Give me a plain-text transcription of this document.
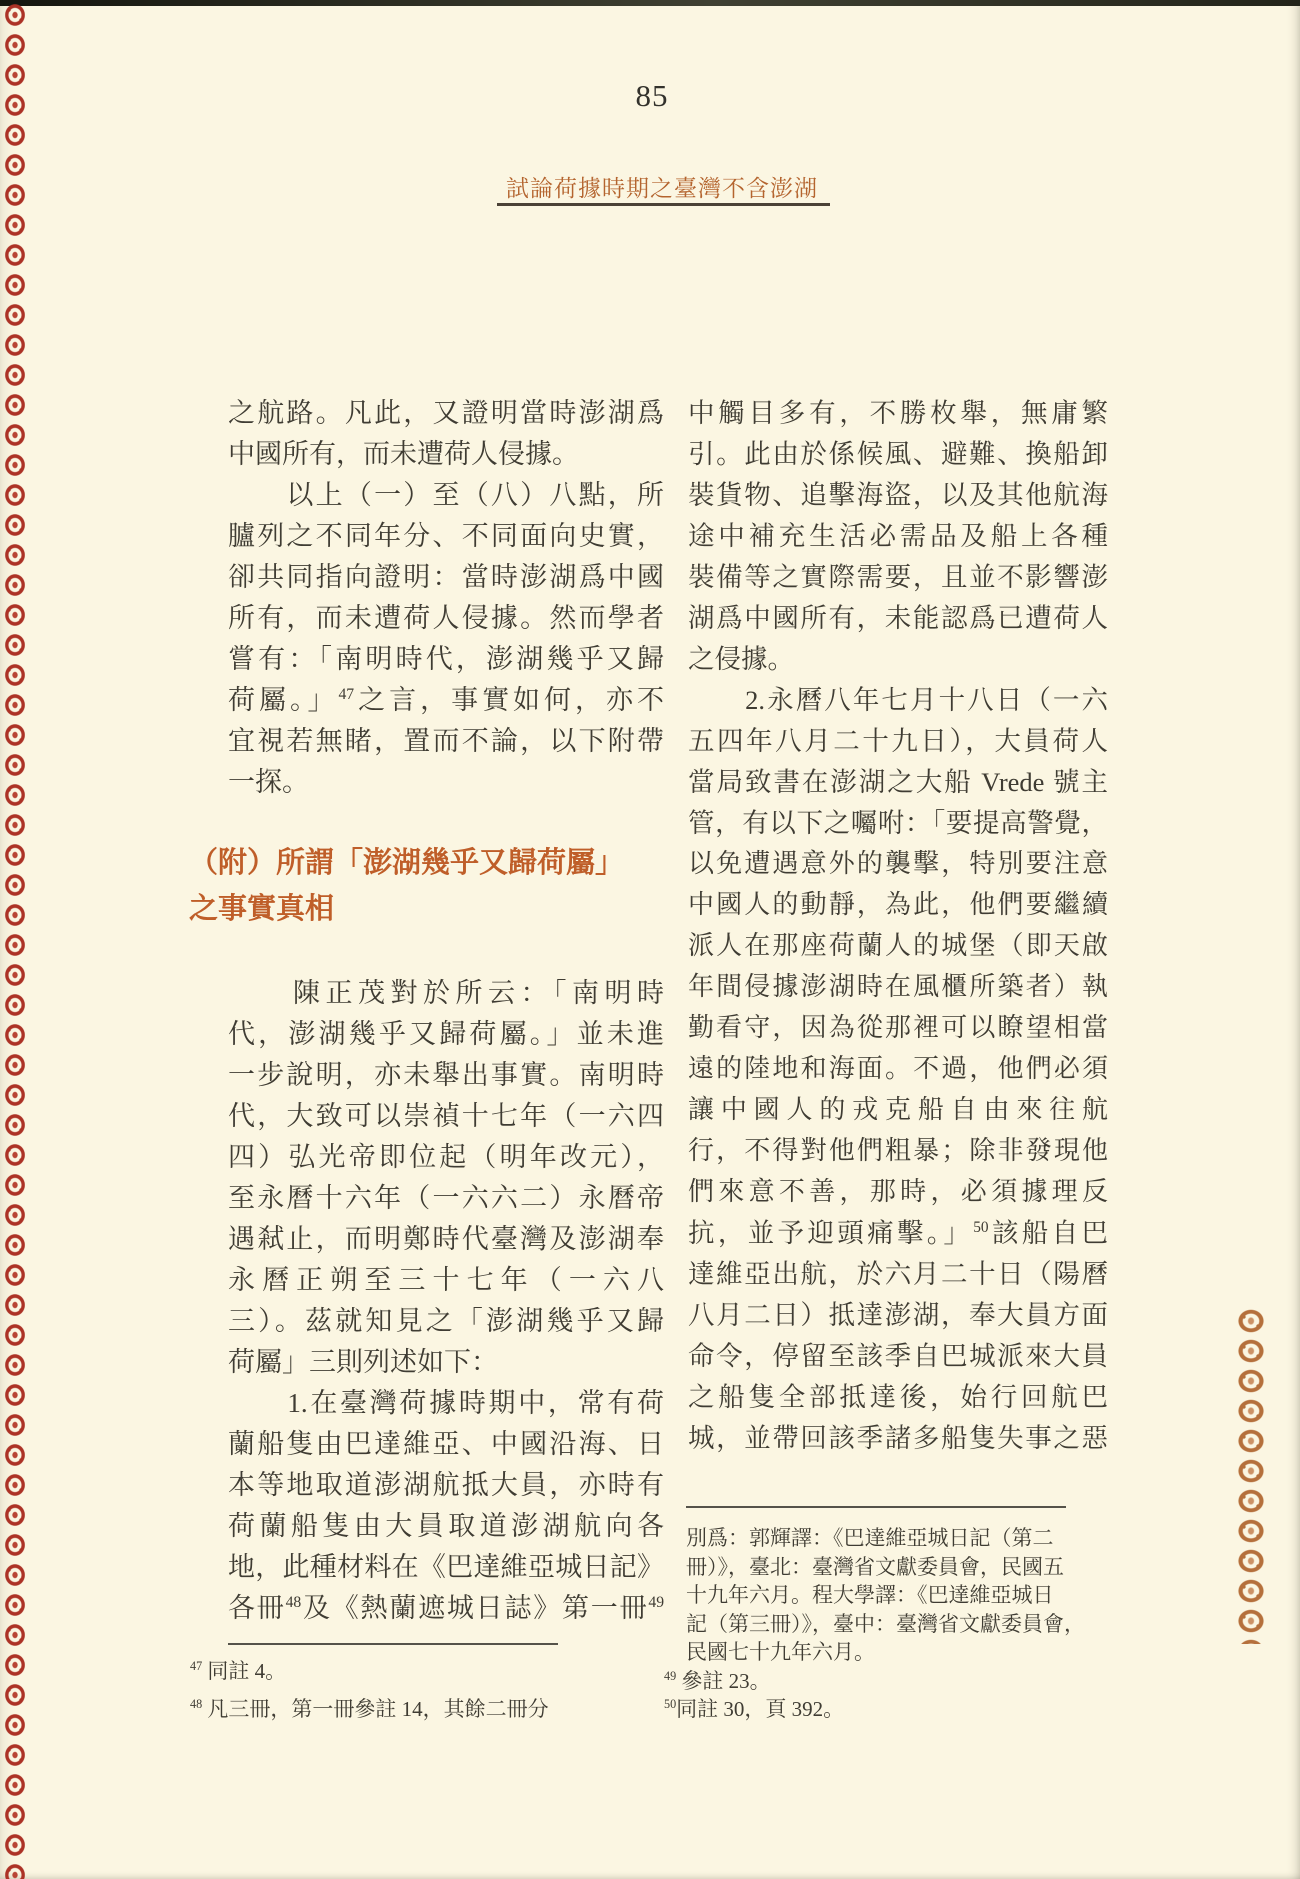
85
試論荷據時期之臺灣不含澎湖
之航路。凡此，又證明當時澎湖爲
中國所有，而未遭荷人侵據。
　　以上（一）至（八）八點，所
臚列之不同年分、不同面向史實，
卻共同指向證明：當時澎湖爲中國
所有，而未遭荷人侵據。然而學者
嘗有：「南明時代，澎湖幾乎又歸
荷屬。」$^{47}$之言，事實如何，亦不
宜視若無睹，置而不論，以下附帶
一探。
（附）所謂「澎湖幾乎又歸荷屬」
之事實真相
　　陳正茂對於所云：「南明時
代，澎湖幾乎又歸荷屬。」並未進
一步說明，亦未舉出事實。南明時
代，大致可以崇禎十七年（一六四
四）弘光帝即位起（明年改元），
至永曆十六年（一六六二）永曆帝
遇弒止，而明鄭時代臺灣及澎湖奉
永曆正朔至三十七年（一六八
三）。茲就知見之「澎湖幾乎又歸
荷屬」三則列述如下：
　　1.在臺灣荷據時期中，常有荷
蘭船隻由巴達維亞、中國沿海、日
本等地取道澎湖航抵大員，亦時有
荷蘭船隻由大員取道澎湖航向各
地，此種材料在《巴達維亞城日記》
各冊$^{48}$及《熱蘭遮城日誌》第一冊$^{49}$
$^{47}$ 同註 4。
$^{48}$ 凡三冊，第一冊參註 14，其餘二冊分
中觸目多有，不勝枚舉，無庸繁
引。此由於係候風、避難、換船卸
裝貨物、追擊海盜，以及其他航海
途中補充生活必需品及船上各種
裝備等之實際需要，且並不影響澎
湖爲中國所有，未能認爲已遭荷人
之侵據。
　　2.永曆八年七月十八日（一六
五四年八月二十九日），大員荷人
當局致書在澎湖之大船 Vrede 號主
管，有以下之囑咐：「要提高警覺，
以免遭遇意外的襲擊，特別要注意
中國人的動靜，為此，他們要繼續
派人在那座荷蘭人的城堡（即天啟
年間侵據澎湖時在風櫃所築者）執
勤看守，因為從那裡可以瞭望相當
遠的陸地和海面。不過，他們必須
讓中國人的戎克船自由來往航
行，不得對他們粗暴；除非發現他
們來意不善，那時，必須據理反
抗，並予迎頭痛擊。」$^{50}$該船自巴
達維亞出航，於六月二十日（陽曆
八月二日）抵達澎湖，奉大員方面
命令，停留至該季自巴城派來大員
之船隻全部抵達後，始行回航巴
城，並帶回該季諸多船隻失事之惡
別爲：郭輝譯：《巴達維亞城日記（第二
冊）》，臺北：臺灣省文獻委員會，民國五
十九年六月。程大學譯：《巴達維亞城日
記（第三冊）》，臺中：臺灣省文獻委員會，
民國七十九年六月。
$^{49}$ 參註 23。
$^{50}$同註 30，頁 392。
